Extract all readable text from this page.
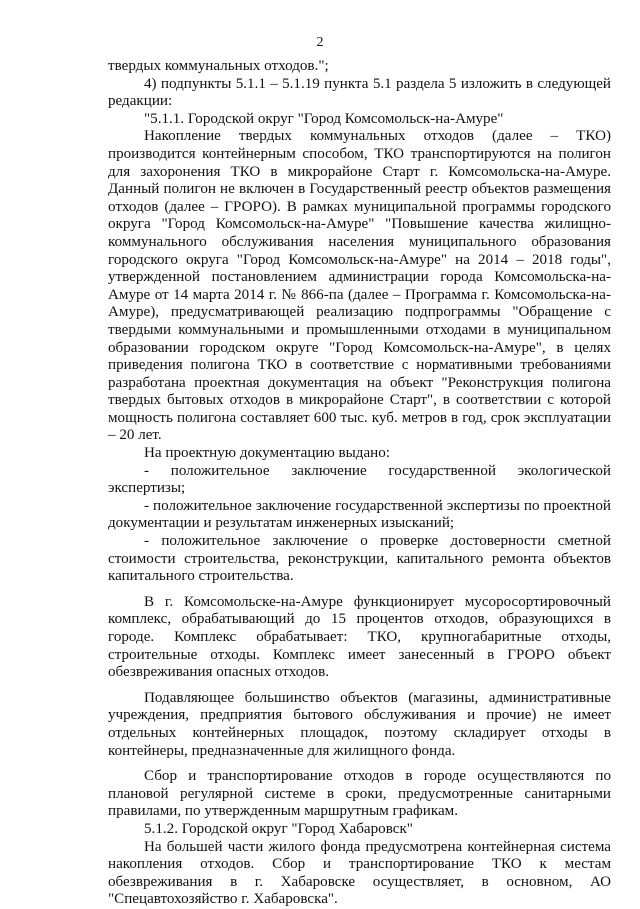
2

твердых коммунальных отходов.";

4) подпункты 5.1.1 – 5.1.19 пункта 5.1 раздела 5 изложить в следующей редакции:

"5.1.1. Городской округ "Город Комсомольск-на-Амуре"

Накопление твердых коммунальных отходов (далее – ТКО) производится контейнерным способом, ТКО транспортируются на полигон для захоронения ТКО в микрорайоне Старт г. Комсомольска-на-Амуре. Данный полигон не включен в Государственный реестр объектов размещения отходов (далее – ГРОРО). В рамках муниципальной программы городского округа "Город Комсомольск-на-Амуре" "Повышение качества жилищно-коммунального обслуживания населения муниципального образования городского округа "Город Комсомольск-на-Амуре" на 2014 – 2018 годы", утвержденной постановлением администрации города Комсомольска-на-Амуре от 14 марта 2014 г. № 866-па (далее – Программа г. Комсомольска-на-Амуре), предусматривающей реализацию подпрограммы "Обращение с твердыми коммунальными и промышленными отходами в муниципальном образовании городском округе "Город Комсомольск-на-Амуре", в целях приведения полигона ТКО в соответствие с нормативными требованиями разработана проектная документация на объект "Реконструкция полигона твердых бытовых отходов в микрорайоне Старт", в соответствии с которой мощность полигона составляет 600 тыс. куб. метров в год, срок эксплуатации – 20 лет.

На проектную документацию выдано:

- положительное заключение государственной экологической экспертизы;

- положительное заключение государственной экспертизы по проектной документации и результатам инженерных изысканий;

- положительное заключение о проверке достоверности сметной стоимости строительства, реконструкции, капитального ремонта объектов капитального строительства.

В г. Комсомольске-на-Амуре функционирует мусоросортировочный комплекс, обрабатывающий до 15 процентов отходов, образующихся в городе. Комплекс обрабатывает: ТКО, крупногабаритные отходы, строительные отходы. Комплекс имеет занесенный в ГРОРО объект обезвреживания опасных отходов.

Подавляющее большинство объектов (магазины, административные учреждения, предприятия бытового обслуживания и прочие) не имеет отдельных контейнерных площадок, поэтому складирует отходы в контейнеры, предназначенные для жилищного фонда.

Сбор и транспортирование отходов в городе осуществляются по плановой регулярной системе в сроки, предусмотренные санитарными правилами, по утвержденным маршрутным графикам.

5.1.2. Городской округ "Город Хабаровск"

На большей части жилого фонда предусмотрена контейнерная система накопления отходов. Сбор и транспортирование ТКО к местам обезвреживания в г. Хабаровске осуществляет, в основном, АО "Спецавтохозяйство г. Хабаровска".
